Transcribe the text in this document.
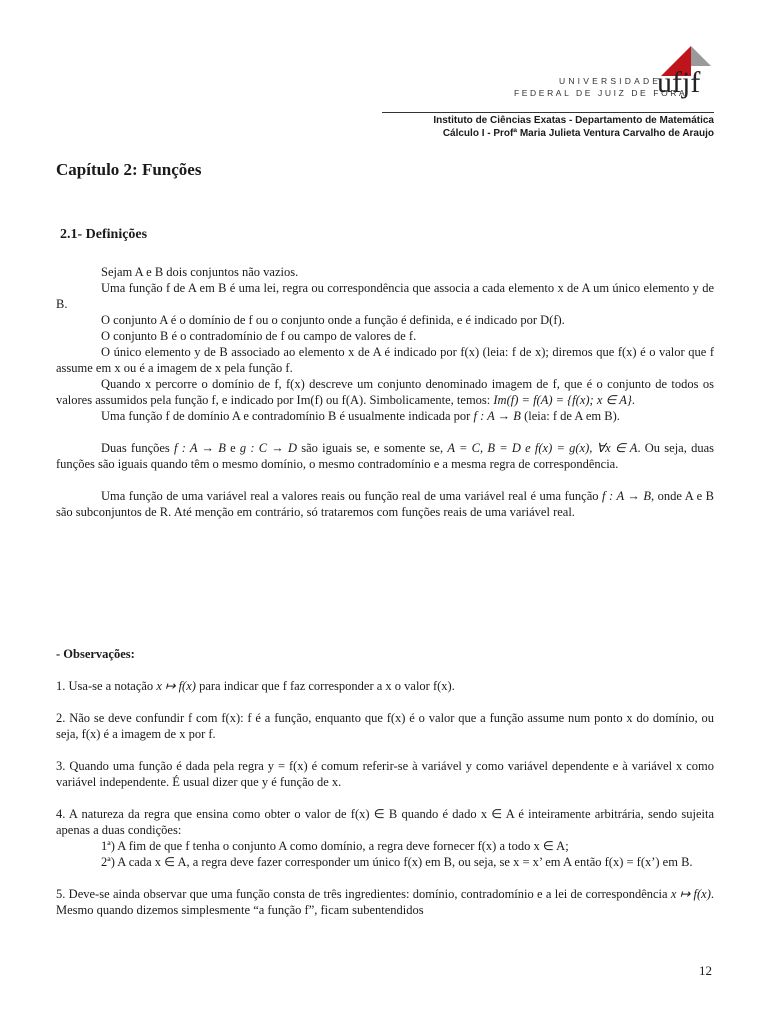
UNIVERSIDADE
FEDERAL DE JUIZ DE FORA
ufjf
Instituto de Ciências Exatas - Departamento de Matemática
Cálculo I - Profª Maria Julieta Ventura Carvalho de Araujo
Capítulo 2: Funções
2.1- Definições

Sejam A e B dois conjuntos não vazios.

Uma função f de A em B é uma lei, regra ou correspondência que associa a cada elemento x de A um único elemento y de B.

O conjunto A é o domínio de f ou o conjunto onde a função é definida, e é indicado por D(f).

O conjunto B é o contradomínio de f ou campo de valores de f.

O único elemento y de B associado ao elemento x de A é indicado por f(x) (leia: f de x); diremos que f(x) é o valor que f assume em x ou é a imagem de x pela função f.

Quando x percorre o domínio de f, f(x) descreve um conjunto denominado imagem de f, que é o conjunto de todos os valores assumidos pela função f, e indicado por Im(f) ou f(A). Simbolicamente, temos: Im(f) = f(A) = {f(x); x ∈ A}.

Uma função f de domínio A e contradomínio B é usualmente indicada por f : A → B (leia: f de A em B).

Duas funções f : A → B e g : C → D são iguais se, e somente se, A = C, B = D e f(x) = g(x), ∀x ∈ A. Ou seja, duas funções são iguais quando têm o mesmo domínio, o mesmo contradomínio e a mesma regra de correspondência.

Uma função de uma variável real a valores reais ou função real de uma variável real é uma função f : A → B, onde A e B são subconjuntos de R. Até menção em contrário, só trataremos com funções reais de uma variável real.

- Observações:

1. Usa-se a notação x ↦ f(x) para indicar que f faz corresponder a x o valor f(x).

2. Não se deve confundir f com f(x): f é a função, enquanto que f(x) é o valor que a função assume num ponto x do domínio, ou seja, f(x) é a imagem de x por f.

3. Quando uma função é dada pela regra y = f(x) é comum referir-se à variável y como variável dependente e à variável x como variável independente. É usual dizer que y é função de x.

4. A natureza da regra que ensina como obter o valor de f(x) ∈ B quando é dado x ∈ A é inteiramente arbitrária, sendo sujeita apenas a duas condições:

1ª) A fim de que f tenha o conjunto A como domínio, a regra deve fornecer f(x) a todo x ∈ A;

2ª) A cada x ∈ A, a regra deve fazer corresponder um único f(x) em B, ou seja, se x = x’ em A então f(x) = f(x’) em B.

5. Deve-se ainda observar que uma função consta de três ingredientes: domínio, contradomínio e a lei de correspondência x ↦ f(x). Mesmo quando dizemos simplesmente “a função f”, ficam subentendidos

12
